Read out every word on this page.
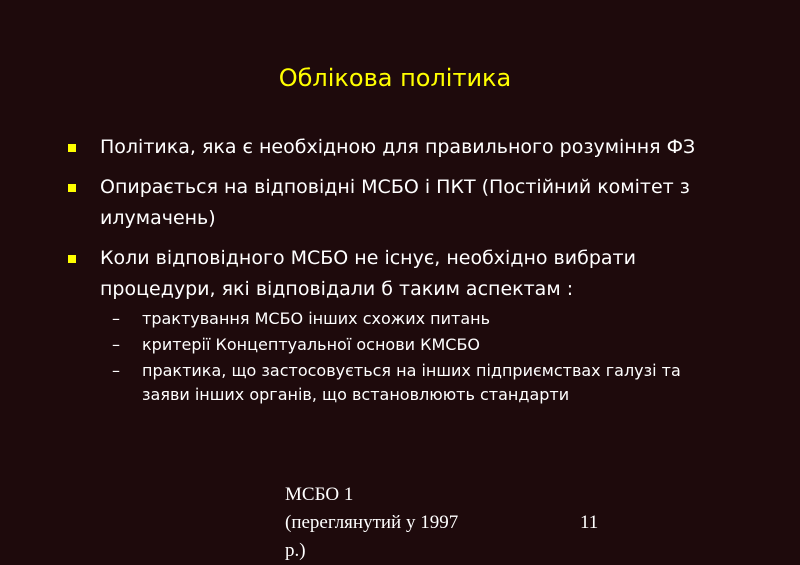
Облікова політика
Політика, яка є необхідною для правильного розуміння ФЗ
Опирається на відповідні МСБО і ПКТ (Постійний комітет з илумачень)
Коли відповідного МСБО не існує, необхідно вибрати процедури, які відповідали б таким аспектам :
–	трактування МСБО інших схожих питань
–	критерії Концептуальної основи КМСБО
–	практика, що застосовується на інших підприємствах галузі та заяви інших органів, що встановлюють стандарти
МСБО 1
(переглянутий у 1997
р.)
11
